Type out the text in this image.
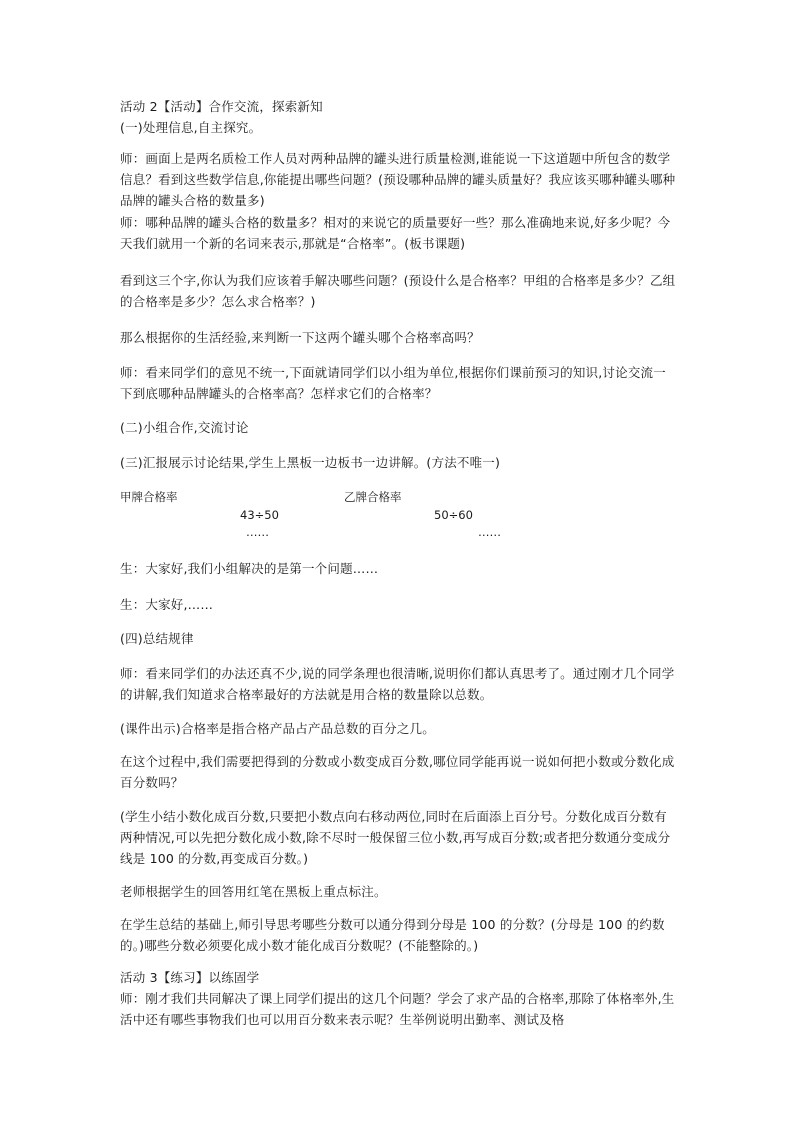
活动 2【活动】合作交流，探索新知
(一)处理信息,自主探究。

师：画面上是两名质检工作人员对两种品牌的罐头进行质量检测,谁能说一下这道题中所包含的数学信息？看到这些数学信息,你能提出哪些问题？(预设哪种品牌的罐头质量好？我应该买哪种罐头哪种品牌的罐头合格的数量多)

师：哪种品牌的罐头合格的数量多？相对的来说它的质量要好一些？那么准确地来说,好多少呢？今天我们就用一个新的名词来表示,那就是“合格率”。(板书课题)

看到这三个字,你认为我们应该着手解决哪些问题？(预设什么是合格率？甲组的合格率是多少？乙组的合格率是多少？怎么求合格率？)

那么根据你的生活经验,来判断一下这两个罐头哪个合格率高吗？

师：看来同学们的意见不统一,下面就请同学们以小组为单位,根据你们课前预习的知识,讨论交流一下到底哪种品牌罐头的合格率高？怎样求它们的合格率？

(二)小组合作,交流讨论

(三)汇报展示讨论结果,学生上黑板一边板书一边讲解。(方法不唯一)

甲牌合格率
43÷50
……
乙牌合格率
50÷60
……

生：大家好,我们小组解决的是第一个问题……

生：大家好,……

(四)总结规律

师：看来同学们的办法还真不少,说的同学条理也很清晰,说明你们都认真思考了。通过刚才几个同学的讲解,我们知道求合格率最好的方法就是用合格的数量除以总数。

(课件出示)合格率是指合格产品占产品总数的百分之几。

在这个过程中,我们需要把得到的分数或小数变成百分数,哪位同学能再说一说如何把小数或分数化成百分数吗？

(学生小结小数化成百分数,只要把小数点向右移动两位,同时在后面添上百分号。分数化成百分数有两种情况,可以先把分数化成小数,除不尽时一般保留三位小数,再写成百分数;或者把分数通分变成分线是 100 的分数,再变成百分数。)

老师根据学生的回答用红笔在黑板上重点标注。

在学生总结的基础上,师引导思考哪些分数可以通分得到分母是 100 的分数？(分母是 100 的约数的。)哪些分数必须要化成小数才能化成百分数呢？(不能整除的。)

活动 3【练习】以练固学
师：刚才我们共同解决了课上同学们提出的这几个问题？学会了求产品的合格率,那除了体格率外,生活中还有哪些事物我们也可以用百分数来表示呢？生举例说明出勤率、测试及格
